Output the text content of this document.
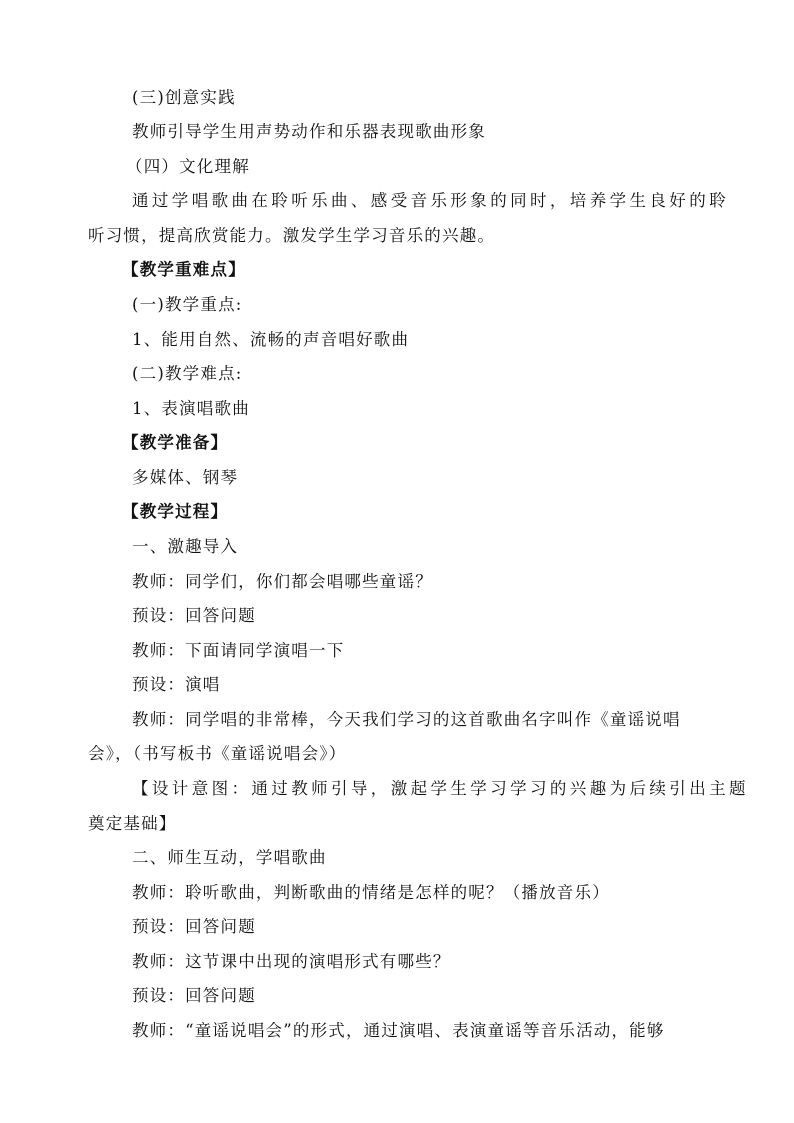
(三)创意实践
教师引导学生用声势动作和乐器表现歌曲形象
（四）文化理解
通过学唱歌曲在聆听乐曲、感受音乐形象的同时，培养学生良好的聆
听习惯，提高欣赏能力。激发学生学习音乐的兴趣。
【教学重难点】
(一)教学重点:
1、能用自然、流畅的声音唱好歌曲
(二)教学难点:
1、表演唱歌曲
【教学准备】
多媒体、钢琴
【教学过程】
一、激趣导入
教师：同学们，你们都会唱哪些童谣？
预设：回答问题
教师：下面请同学演唱一下
预设：演唱
教师：同学唱的非常棒，今天我们学习的这首歌曲名字叫作《童谣说唱
会》，（书写板书《童谣说唱会》）
【设计意图：通过教师引导，激起学生学习学习的兴趣为后续引出主题
奠定基础】
二、师生互动，学唱歌曲
教师：聆听歌曲，判断歌曲的情绪是怎样的呢？（播放音乐）
预设：回答问题
教师：这节课中出现的演唱形式有哪些？
预设：回答问题
教师：“童谣说唱会”的形式，通过演唱、表演童谣等音乐活动，能够
